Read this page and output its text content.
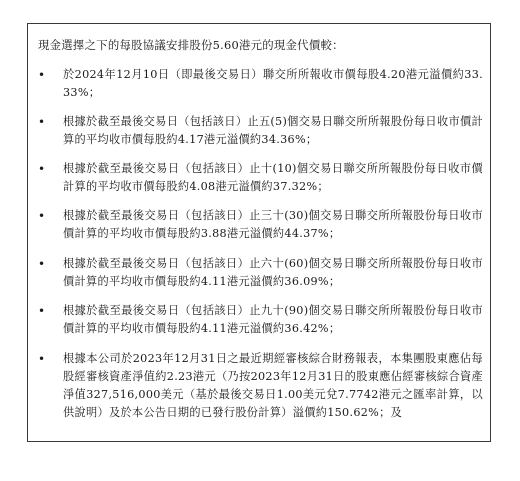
現金選擇之下的每股協議安排股份5.60港元的現金代價較：
• 於2024年12月10日（即最後交易日）聯交所所報收市價每股4.20港元溢價約33.33%；
• 根據於截至最後交易日（包括該日）止五(5)個交易日聯交所所報股份每日收市價計算的平均收市價每股約4.17港元溢價約34.36%；
• 根據於截至最後交易日（包括該日）止十(10)個交易日聯交所所報股份每日收市價計算的平均收市價每股約4.08港元溢價約37.32%；
• 根據於截至最後交易日（包括該日）止三十(30)個交易日聯交所所報股份每日收市價計算的平均收市價每股約3.88港元溢價約44.37%；
• 根據於截至最後交易日（包括該日）止六十(60)個交易日聯交所所報股份每日收市價計算的平均收市價每股約4.11港元溢價約36.09%；
• 根據於截至最後交易日（包括該日）止九十(90)個交易日聯交所所報股份每日收市價計算的平均收市價每股約4.11港元溢價約36.42%；
• 根據本公司於2023年12月31日之最近期經審核綜合財務報表，本集團股東應佔每股經審核資產淨值約2.23港元（乃按2023年12月31日的股東應佔經審核綜合資產淨值327,516,000美元（基於最後交易日1.00美元兌7.7742港元之匯率計算，以供說明）及於本公告日期的已發行股份計算）溢價約150.62%；及
